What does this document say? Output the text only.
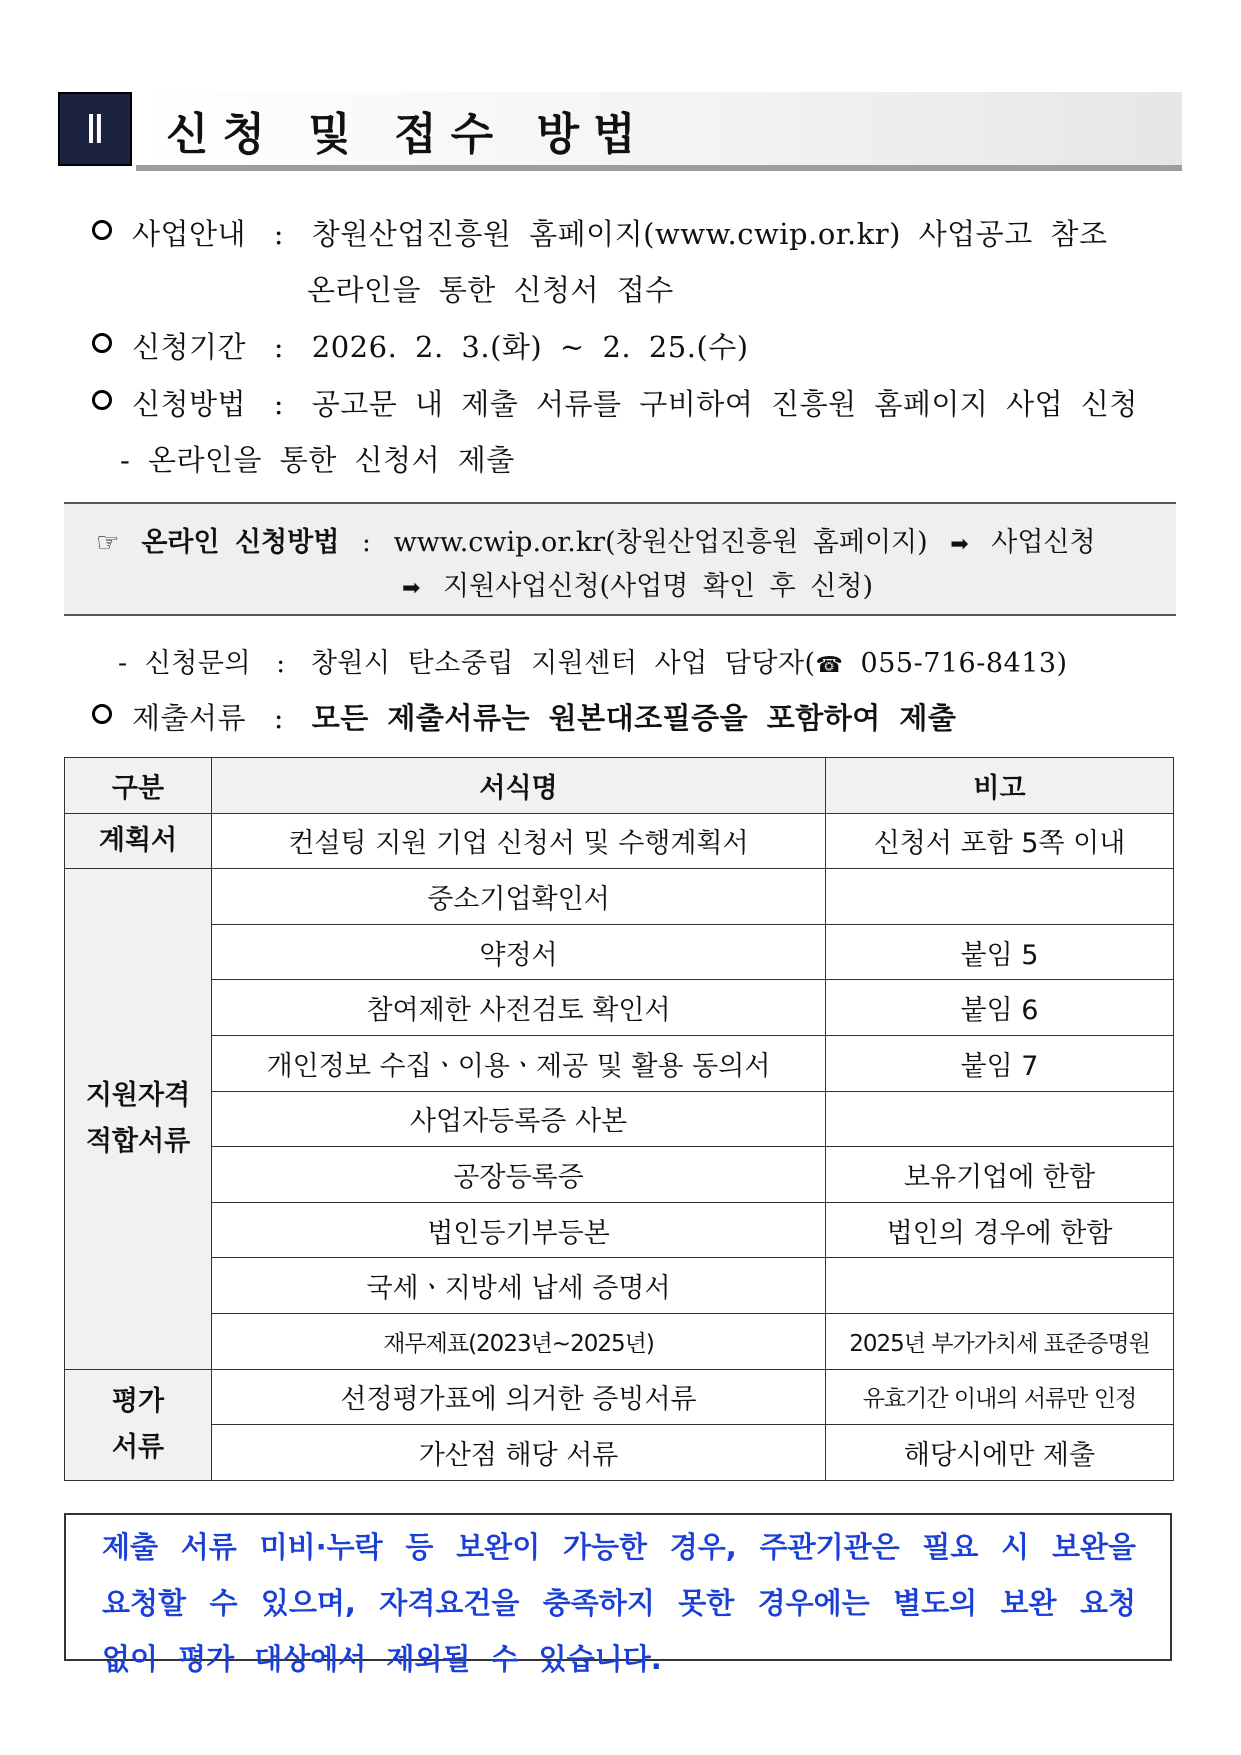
Ⅱ	신청 및 접수 방법
사업안내 : 창원산업진흥원 홈페이지(www.cwip.or.kr) 사업공고 참조
온라인을 통한 신청서 접수
신청기간 : 2026. 2. 3.(화) ~ 2. 25.(수)
신청방법 : 공고문 내 제출 서류를 구비하여 진흥원 홈페이지 사업 신청
- 온라인을 통한 신청서 제출
☞ 온라인 신청방법 : www.cwip.or.kr(창원산업진흥원 홈페이지) ➡ 사업신청
➡ 지원사업신청(사업명 확인 후 신청)
- 신청문의 : 창원시 탄소중립 지원센터 사업 담당자(☎ 055-716-8413)
제출서류 : 모든 제출서류는 원본대조필증을 포함하여 제출
구분	서식명	비고
계획서	컨설팅 지원 기업 신청서 및 수행계획서	신청서 포함 5쪽 이내
지원자격
적합서류	중소기업확인서	
	약정서	붙임 5
	참여제한 사전검토 확인서	붙임 6
	개인정보 수집ㆍ이용ㆍ제공 및 활용 동의서	붙임 7
	사업자등록증 사본	
	공장등록증	보유기업에 한함
	법인등기부등본	법인의 경우에 한함
	국세ㆍ지방세 납세 증명서	
	재무제표(2023년~2025년)	2025년 부가가치세 표준증명원
평가
서류	선정평가표에 의거한 증빙서류	유효기간 이내의 서류만 인정
	가산점 해당 서류	해당시에만 제출
제출 서류 미비·누락 등 보완이 가능한 경우, 주관기관은 필요 시 보완을 요청할 수 있으며, 자격요건을 충족하지 못한 경우에는 별도의 보완 요청 없이 평가 대상에서 제외될 수 있습니다.
